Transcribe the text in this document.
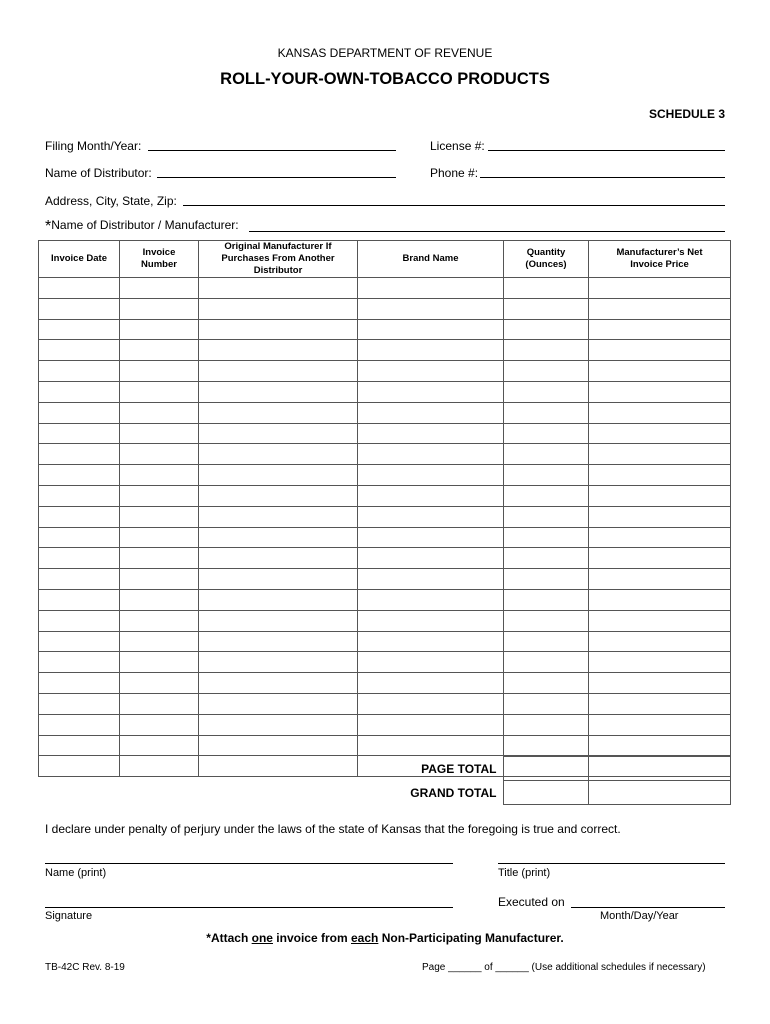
KANSAS DEPARTMENT OF REVENUE
ROLL-YOUR-OWN-TOBACCO PRODUCTS
SCHEDULE 3
Filing Month/Year:	License #:
Name of Distributor:	Phone #:
Address, City, State, Zip:
*Name of Distributor / Manufacturer:
Invoice Date	Invoice Number	Original Manufacturer If Purchases From Another Distributor	Brand Name	Quantity (Ounces)	Manufacturer’s Net Invoice Price

PAGE TOTAL		
GRAND TOTAL		
I declare under penalty of perjury under the laws of the state of Kansas that the foregoing is true and correct.
Name (print)	Title (print)
Executed on
Month/Day/Year
Signature
*Attach one invoice from each Non-Participating Manufacturer.
TB-42C Rev. 8-19	Page ______ of ______ (Use additional schedules if necessary)
